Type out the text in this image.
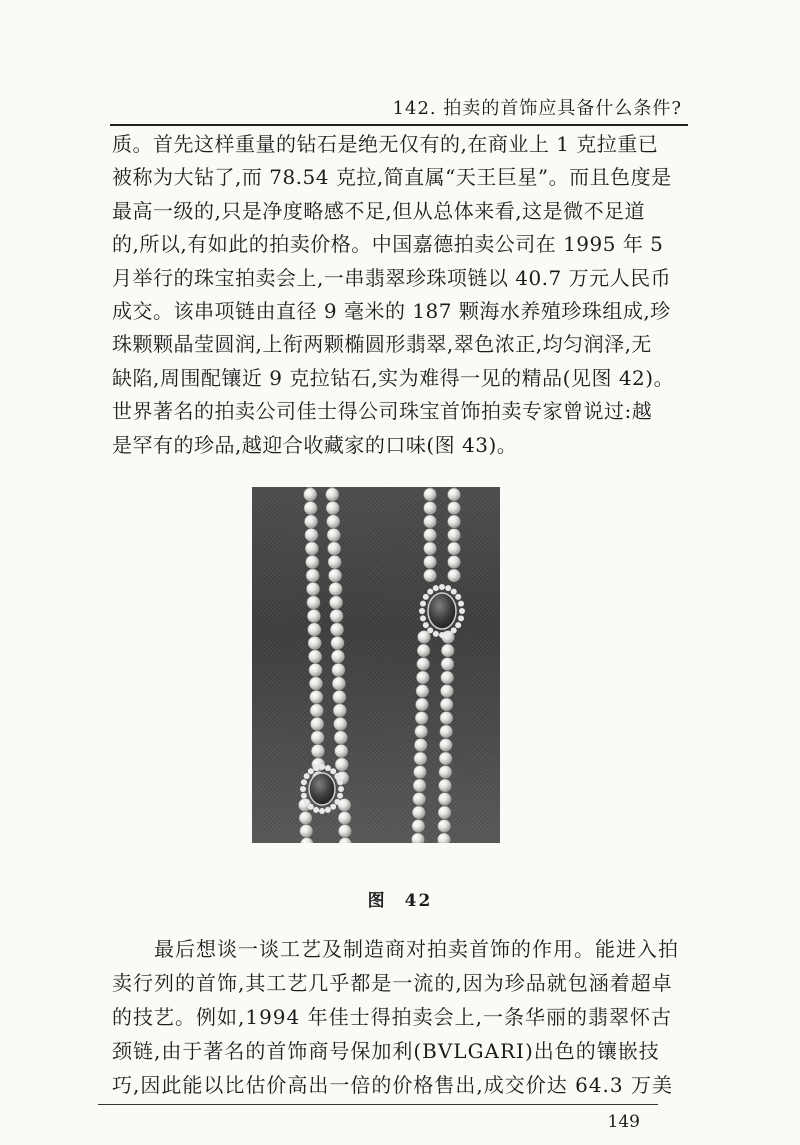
142. 拍卖的首饰应具备什么条件?
质。首先这样重量的钻石是绝无仅有的,在商业上 1 克拉重已
被称为大钻了,而 78.54 克拉,简直属“天王巨星”。而且色度是
最高一级的,只是净度略感不足,但从总体来看,这是微不足道
的,所以,有如此的拍卖价格。中国嘉德拍卖公司在 1995 年 5
月举行的珠宝拍卖会上,一串翡翠珍珠项链以 40.7 万元人民币
成交。该串项链由直径 9 毫米的 187 颗海水养殖珍珠组成,珍
珠颗颗晶莹圆润,上衔两颗椭圆形翡翠,翠色浓正,均匀润泽,无
缺陷,周围配镶近 9 克拉钻石,实为难得一见的精品(见图 42)。
世界著名的拍卖公司佳士得公司珠宝首饰拍卖专家曾说过:越
是罕有的珍品,越迎合收藏家的口味(图 43)。
图 42
　　最后想谈一谈工艺及制造商对拍卖首饰的作用。能进入拍
卖行列的首饰,其工艺几乎都是一流的,因为珍品就包涵着超卓
的技艺。例如,1994 年佳士得拍卖会上,一条华丽的翡翠怀古
颈链,由于著名的首饰商号保加利(BVLGARI)出色的镶嵌技
巧,因此能以比估价高出一倍的价格售出,成交价达 64.3 万美
149
